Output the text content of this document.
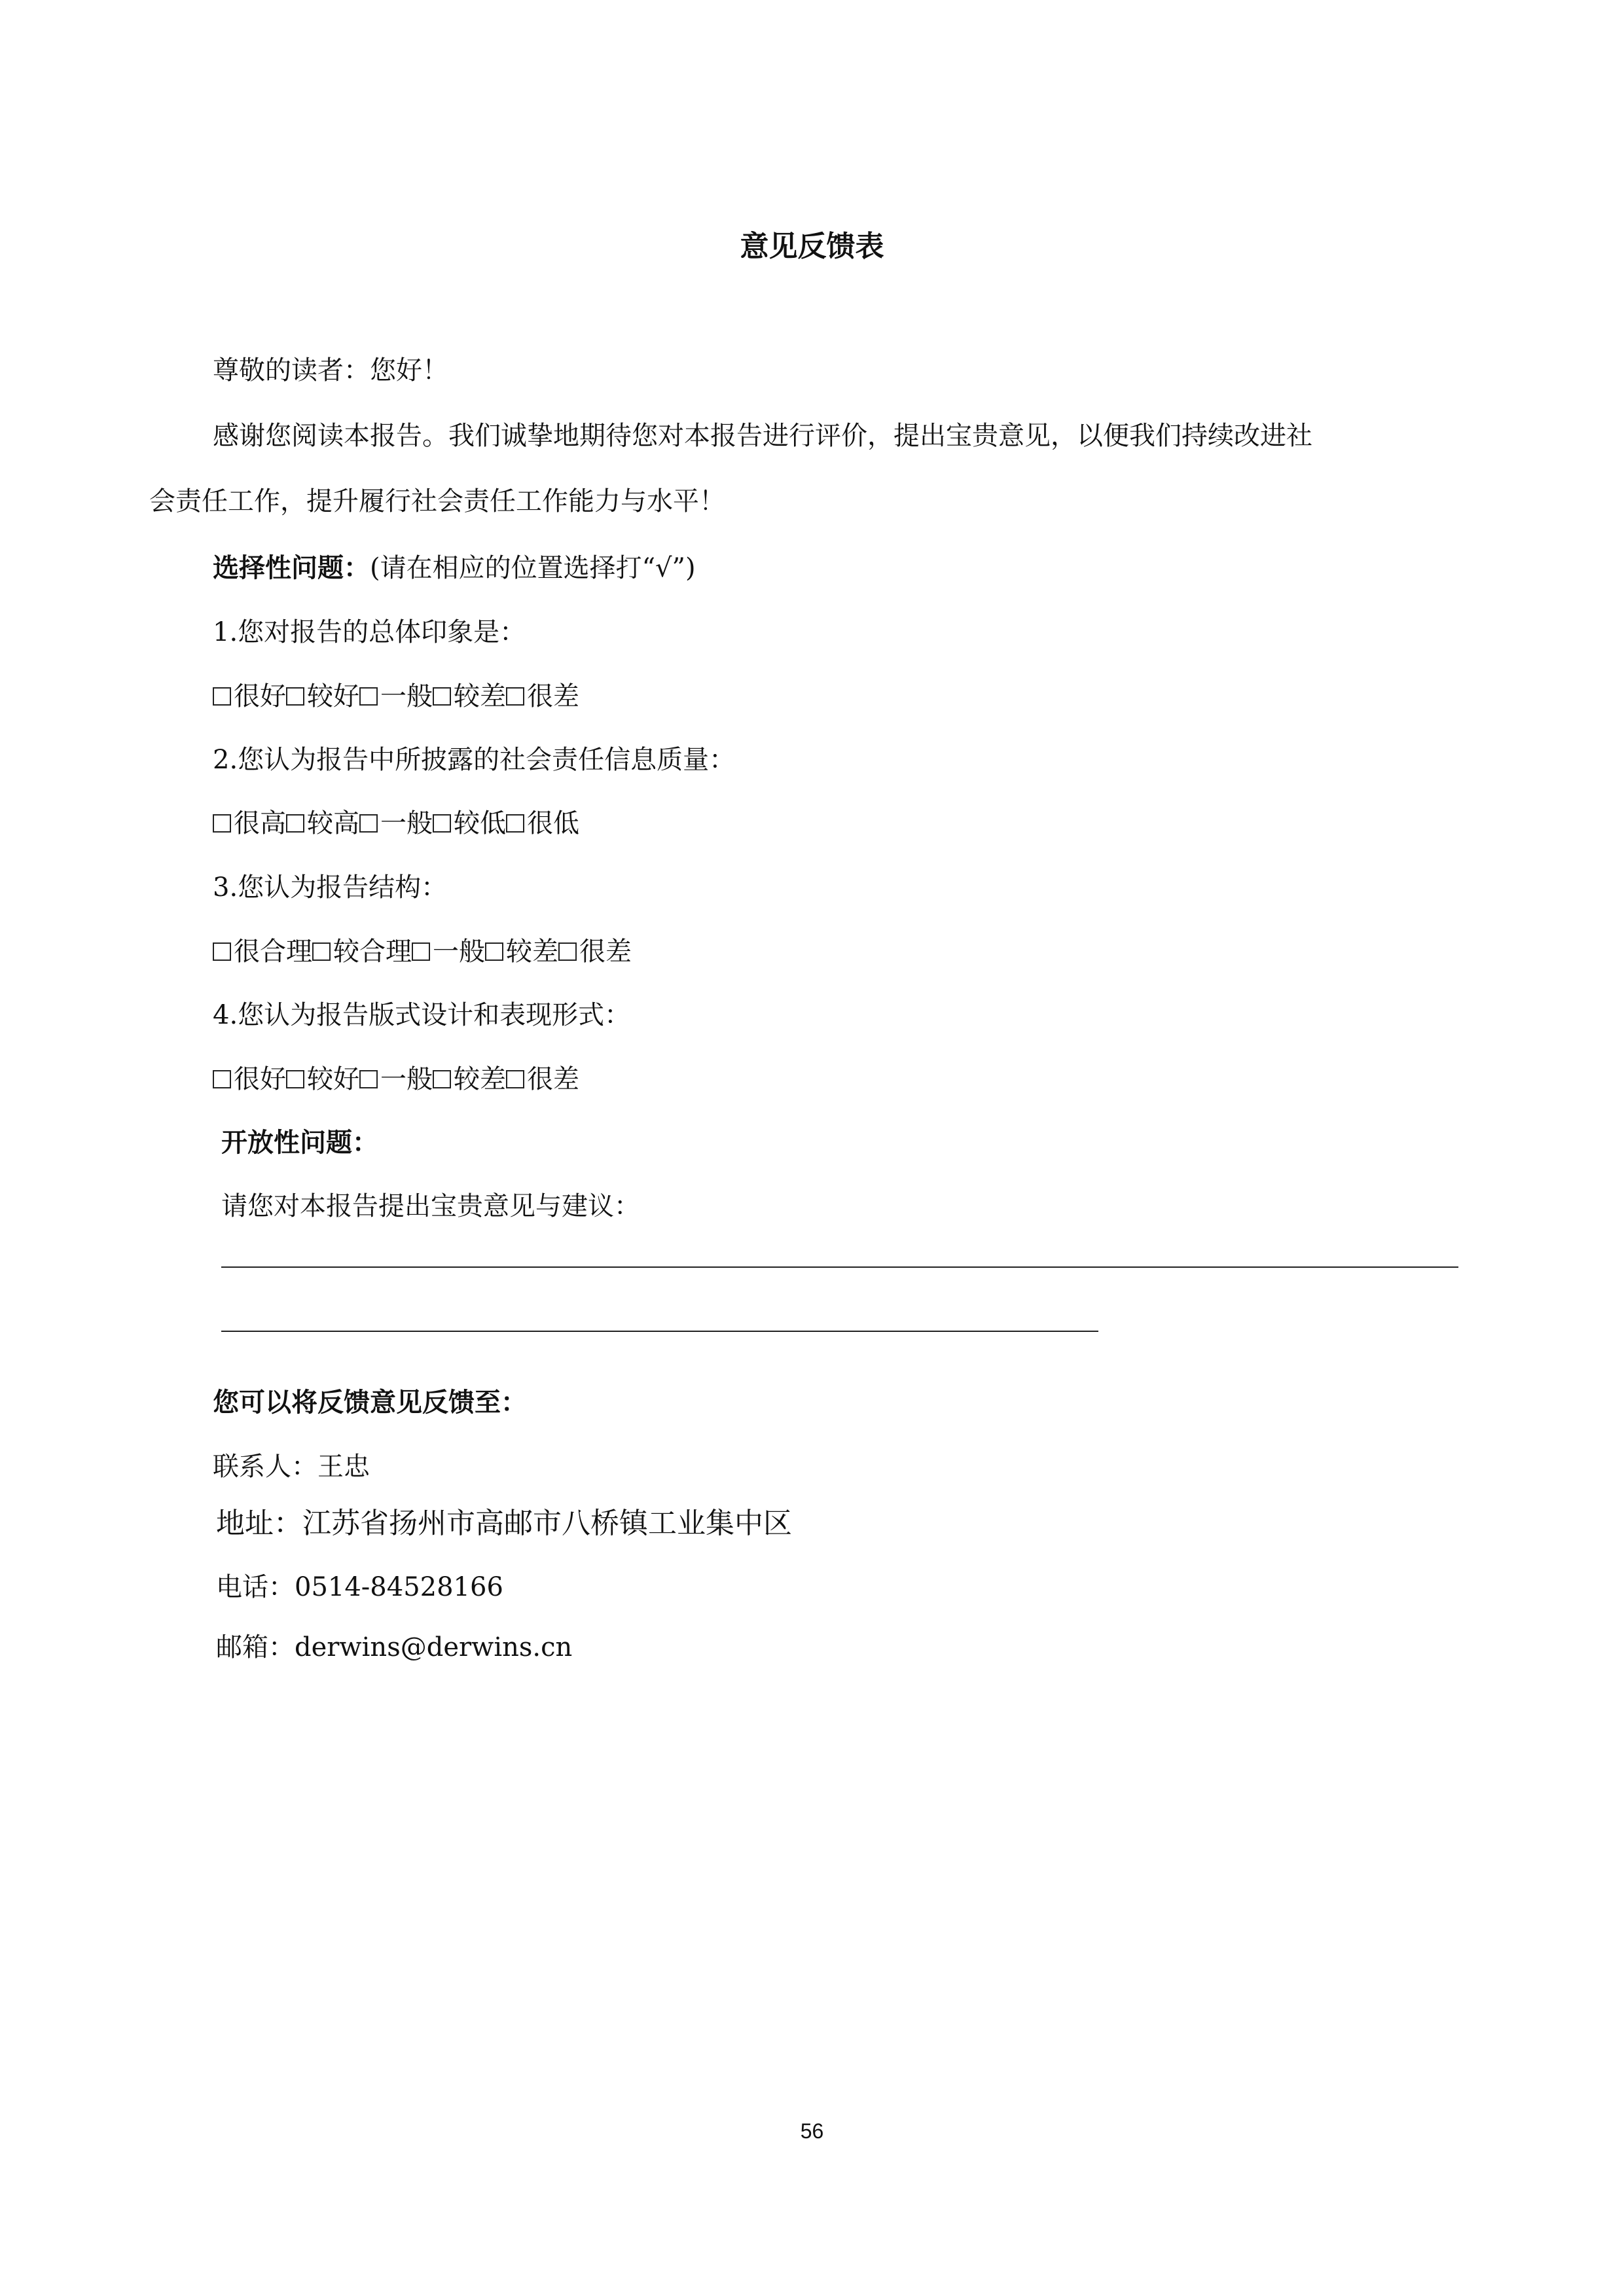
意见反馈表
尊敬的读者：您好！
感谢您阅读本报告。我们诚挚地期待您对本报告进行评价，提出宝贵意见，以便我们持续改进社
会责任工作，提升履行社会责任工作能力与水平！
选择性问题：(请在相应的位置选择打“√”)
1.您对报告的总体印象是：
很好 较好 一般 较差 很差
2.您认为报告中所披露的社会责任信息质量：
很高 较高 一般 较低 很低
3.您认为报告结构：
很合理 较合理 一般 较差 很差
4.您认为报告版式设计和表现形式：
很好 较好 一般 较差 很差
开放性问题：
请您对本报告提出宝贵意见与建议：
您可以将反馈意见反馈至：
联系人：王忠
地址：江苏省扬州市高邮市八桥镇工业集中区
电话：0514-84528166
邮箱：derwins@derwins.cn
56
